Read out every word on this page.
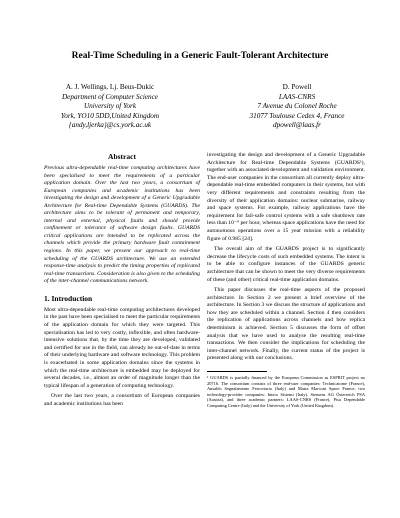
Real-Time Scheduling in a Generic Fault-Tolerant Architecture
A. J. Wellings, Lj. Beus-Dukic
Department of Computer Science
University of York
York, YO10 5DD,United Kingdom
{andy,ljerka}@cs.york.ac.uk
D. Powell
LAAS-CNRS
7 Avenue du Colonel Roche
31077 Toulouse Cedex 4, France
dpowell@laas.fr
Abstract

Previous ultra-dependable real-time computing architectures have been specialised to meet the requirements of a particular application domain. Over the last two years, a consortium of European companies and academic institutions has been investigating the design and development of a Generic Upgradable Architecture for Real-time Dependable Systems (GUARDS). The architecture aims to be tolerant of permanent and temporary, internal and external, physical faults and should provide confinement or tolerance of software design faults. GUARDS critical applications are intended to be replicated across the channels which provide the primary hardware fault containment regions. In this paper, we present our approach to real-time scheduling of the GUARDS architecture. We use an extended response-time analysis to predict the timing properties of replicated real-time transactions. Consideration is also given to the scheduling of the inter-channel communications network.

1. Introduction

Most ultra-dependable real-time computing architectures developed in the past have been specialised to meet the particular requirements of the application domain for which they were targeted. This specialisation has led to very costly, inflexible, and often hardware-intensive solutions that, by the time they are developed, validated and certified for use in the field, can already be out-of-date in terms of their underlying hardware and software technology. This problem is exacerbated in some application domains since the systems in which the real-time architecture is embedded may be deployed for several decades, i.e., almost an order of magnitude longer than the typical lifespan of a generation of computing technology.

Over the last two years, a consortium of European companies and academic institutions has been

investigating the design and development of a Generic Upgradable Architecture for Real-time Dependable Systems (GUARDS¹), together with an associated development and validation environment. The end-user companies in the consortium all currently deploy ultra-dependable real-time embedded computers in their systems, but with very different requirements and constraints resulting from the diversity of their application domains: nuclear submarine, railway and space systems. For example, railway applications have the requirement for fail-safe control systems with a safe shutdown rate less than 10⁻⁹ per hour, whereas space applications have the need for autonomous operations over a 15 year mission with a reliability figure of 0.985 [24].

The overall aim of the GUARDS project is to significantly decrease the lifecycle costs of such embedded systems. The intent is to be able to configure instances of the GUARDS generic architecture that can be shown to meet the very diverse requirements of these (and other) critical real-time application domains.

This paper discusses the real-time aspects of the proposed architecture. In Section 2 we present a brief overview of the architecture. In Section 3 we discuss the structure of applications and how they are scheduled within a channel. Section 4 then considers the replication of applications across channels and how replica determinism is achieved. Section 5 discusses the form of offset analysis that we have used to analyse the resulting real-time transactions. We then consider the implications for scheduling the inter-channel network. Finally, the current status of the project is presented along with our conclusions.

¹ GUARDS is partially financed by the European Commission as ESPRIT project no 20716. The consortium consists of three end-user companies: Technicatome (France), Ansaldo Segnalamento Ferroviario (Italy) and Matra Marconi Space France; two technology-provider companies: Intecs Sistemi (Italy), Siemens AG Österreich PSA (Austria), and three academic partners: LAAS-CNRS (France), Pisa Dependable Computing Centre (Italy) and the University of York (United Kingdom).
